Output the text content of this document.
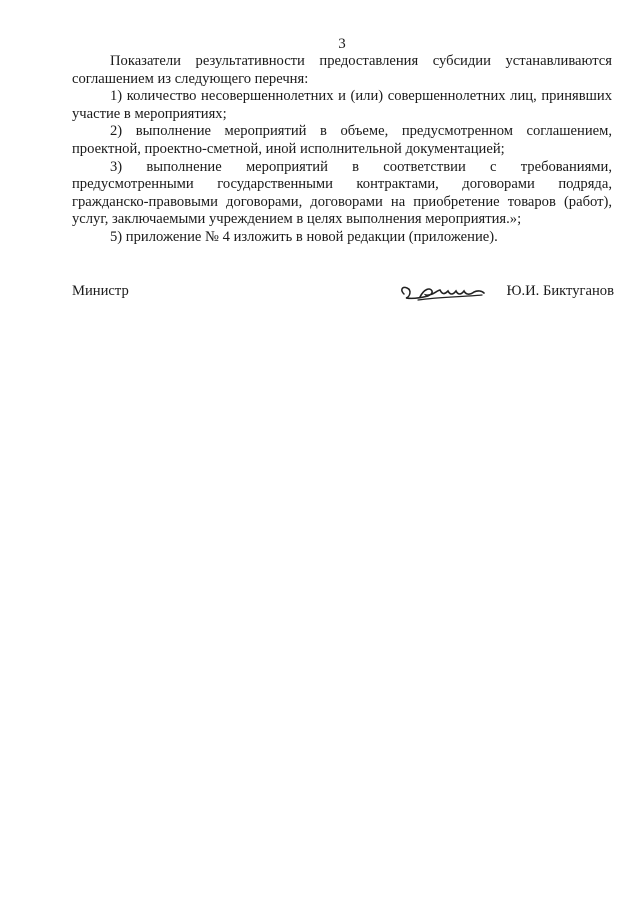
3

Показатели результативности предоставления субсидии устанавливаются соглашением из следующего перечня:

1) количество несовершеннолетних и (или) совершеннолетних лиц, принявших участие в мероприятиях;

2) выполнение мероприятий в объеме, предусмотренном соглашением, проектной, проектно-сметной, иной исполнительной документацией;

3) выполнение мероприятий в соответствии с требованиями, предусмотренными государственными контрактами, договорами подряда, гражданско-правовыми договорами, договорами на приобретение товаров (работ), услуг, заключаемыми учреждением в целях выполнения мероприятия.»;

5) приложение № 4 изложить в новой редакции (приложение).

Министр	Ю.И. Биктуганов
